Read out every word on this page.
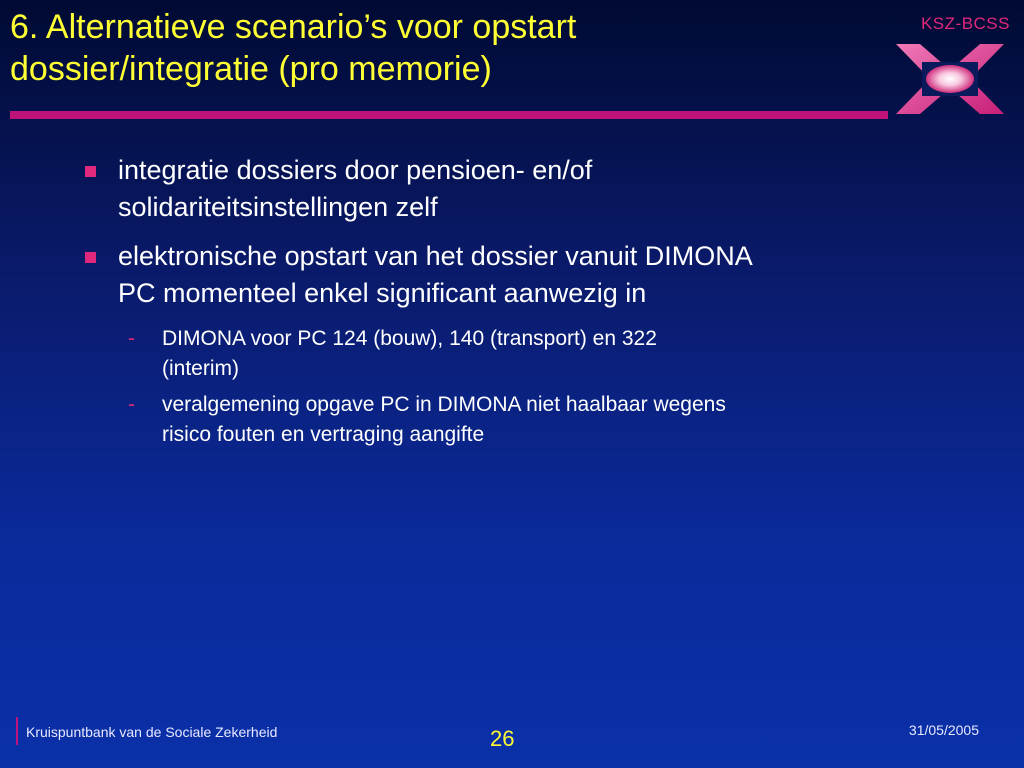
6. Alternatieve scenario’s voor opstart
dossier/integratie (pro memorie)
KSZ-BCSS
integratie dossiers door pensioen- en/of
solidariteitsinstellingen zelf
elektronische opstart van het dossier vanuit DIMONA
PC momenteel enkel significant aanwezig in
- DIMONA voor PC 124 (bouw), 140 (transport) en 322
(interim)
- veralgemening opgave PC in DIMONA niet haalbaar wegens
risico fouten en vertraging aangifte
Kruispuntbank van de Sociale Zekerheid	26	31/05/2005
